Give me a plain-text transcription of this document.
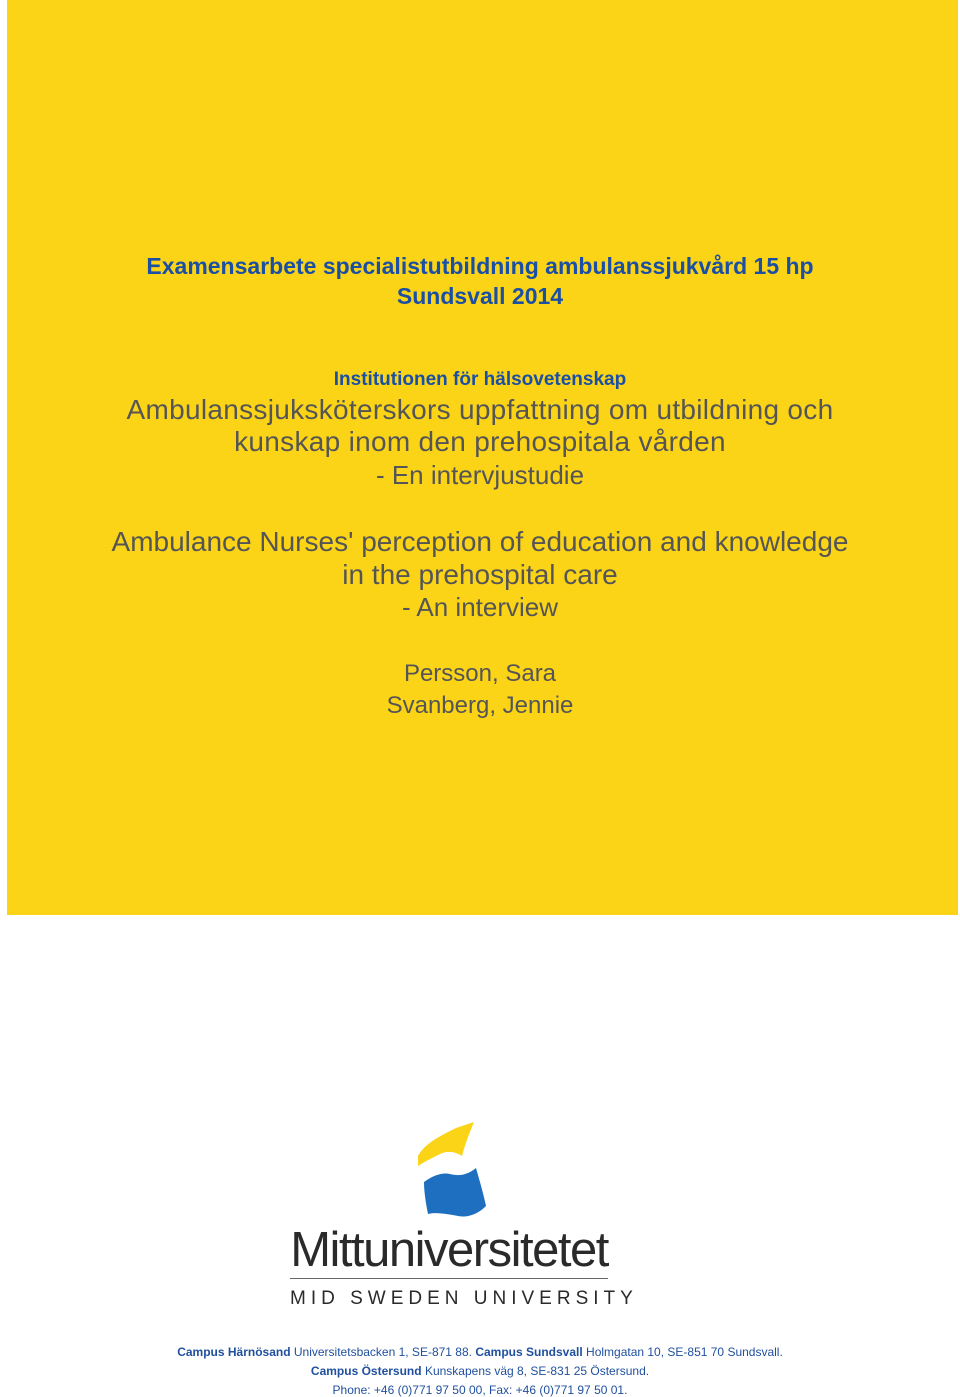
Examensarbete specialistutbildning ambulanssjukvård 15 hp
Sundsvall 2014
Institutionen för hälsovetenskap
Ambulanssjuksköterskors uppfattning om utbildning och
kunskap inom den prehospitala vården
- En intervjustudie
Ambulance Nurses' perception of education and knowledge
in the prehospital care
- An interview
Persson, Sara
Svanberg, Jennie
Mittuniversitetet
MID SWEDEN UNIVERSITY
Campus Härnösand Universitetsbacken 1, SE-871 88. Campus Sundsvall Holmgatan 10, SE-851 70 Sundsvall.
Campus Östersund Kunskapens väg 8, SE-831 25 Östersund.
Phone: +46 (0)771 97 50 00, Fax: +46 (0)771 97 50 01.
